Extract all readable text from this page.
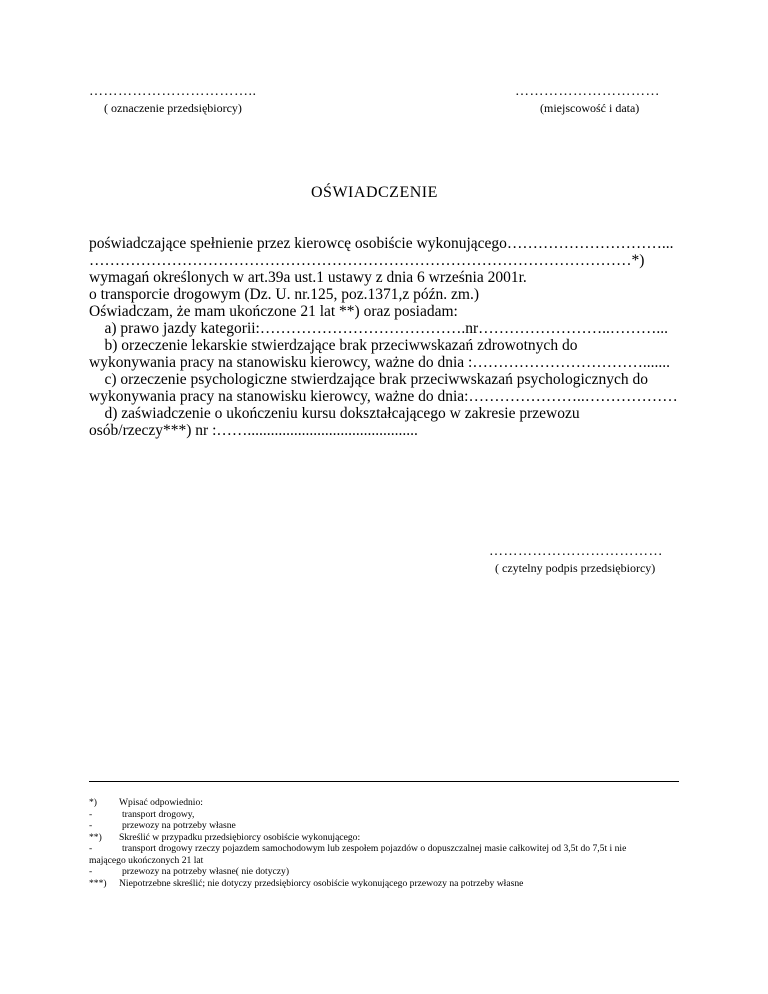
……………………………..
( oznaczenie przedsiębiorcy)
…………………………
(miejscowość i data)
OŚWIADCZENIE
poświadczające spełnienie przez kierowcę osobiście wykonującego…………………………...
……………………………………………………………………………………………*)
wymagań określonych w art.39a ust.1 ustawy z dnia 6 września 2001r.
o transporcie drogowym (Dz. U. nr.125, poz.1371,z późn. zm.)
Oświadczam, że mam ukończone 21 lat **) oraz posiadam:
a) prawo jazdy kategorii:………………………………….nr……………………..………...
b) orzeczenie lekarskie stwierdzające brak przeciwwskazań zdrowotnych do
wykonywania pracy na stanowisku kierowcy, ważne do dnia :…………………………….......
c) orzeczenie psychologiczne stwierdzające brak przeciwwskazań psychologicznych do
wykonywania pracy na stanowisku kierowcy, ważne do dnia:…………………..………………
d) zaświadczenie o ukończeniu kursu dokształcającego w zakresie przewozu
osób/rzeczy***) nr :……............................................
………………………………
( czytelny podpis przedsiębiorcy)
*) Wpisać odpowiednio:
-	transport drogowy,
-	przewozy na potrzeby własne
**) Skreślić w przypadku przedsiębiorcy osobiście wykonującego:
-	transport drogowy rzeczy pojazdem samochodowym lub zespołem pojazdów o dopuszczalnej masie całkowitej od 3,5t do 7,5t i nie
mającego ukończonych 21 lat
-	przewozy na potrzeby własne( nie dotyczy)
***) Niepotrzebne skreślić; nie dotyczy przedsiębiorcy osobiście wykonującego przewozy na potrzeby własne
